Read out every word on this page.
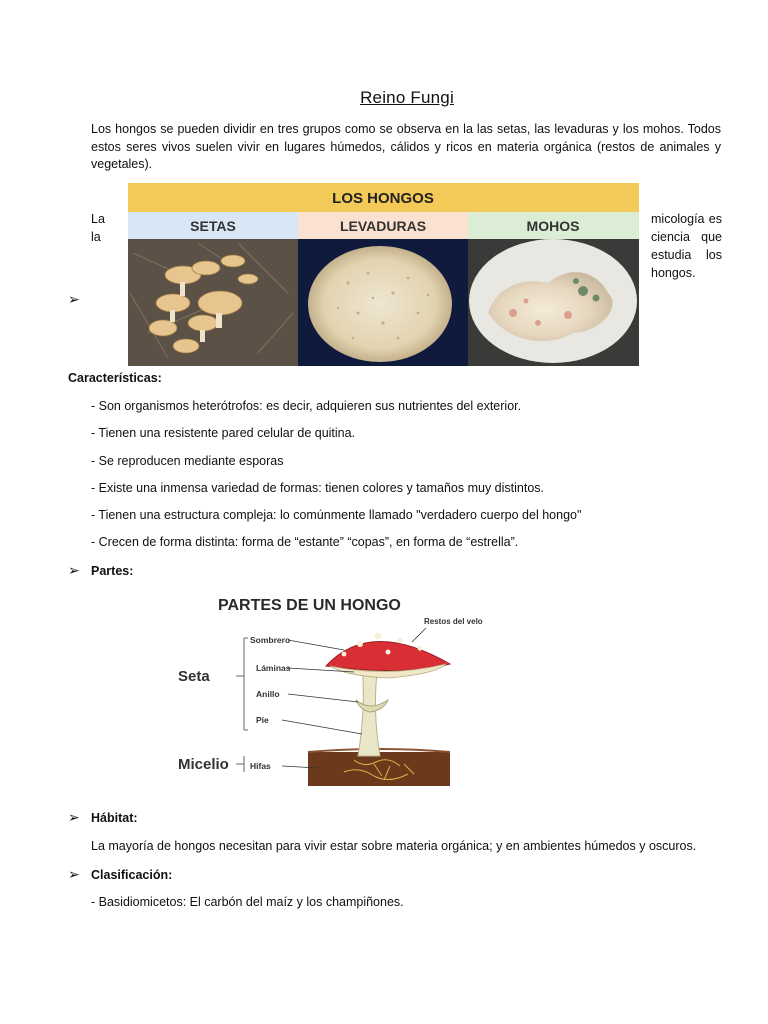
Reino Fungi
Los hongos se pueden dividir en tres grupos como se observa en la las setas, las levaduras y los mohos. Todos estos seres vivos suelen vivir en lugares húmedos, cálidos y ricos en materia orgánica (restos de animales y vegetales).
La
la
micología es
ciencia que
estudia los
hongos.
➢
LOS HONGOS
SETAS	LEVADURAS	MOHOS
Características:
- Son organismos heterótrofos: es decir, adquieren sus nutrientes del exterior.
- Tienen una resistente pared celular de quitina.
- Se reproducen mediante esporas
- Existe una inmensa variedad de formas: tienen colores y tamaños muy distintos.
- Tienen una estructura compleja: lo comúnmente llamado "verdadero cuerpo del hongo"
- Crecen de forma distinta: forma de “estante” “copas”, en forma de “estrella”.
➢ Partes:
PARTES DE UN HONGO
Seta
Micelio
Sombrero
Láminas
Anillo
Pie
Hifas
Restos del velo
➢ Hábitat:
La mayoría de hongos necesitan para vivir estar sobre materia orgánica; y en ambientes húmedos y oscuros.
➢ Clasificación:
- Basidiomicetos: El carbón del maíz y los champiñones.
